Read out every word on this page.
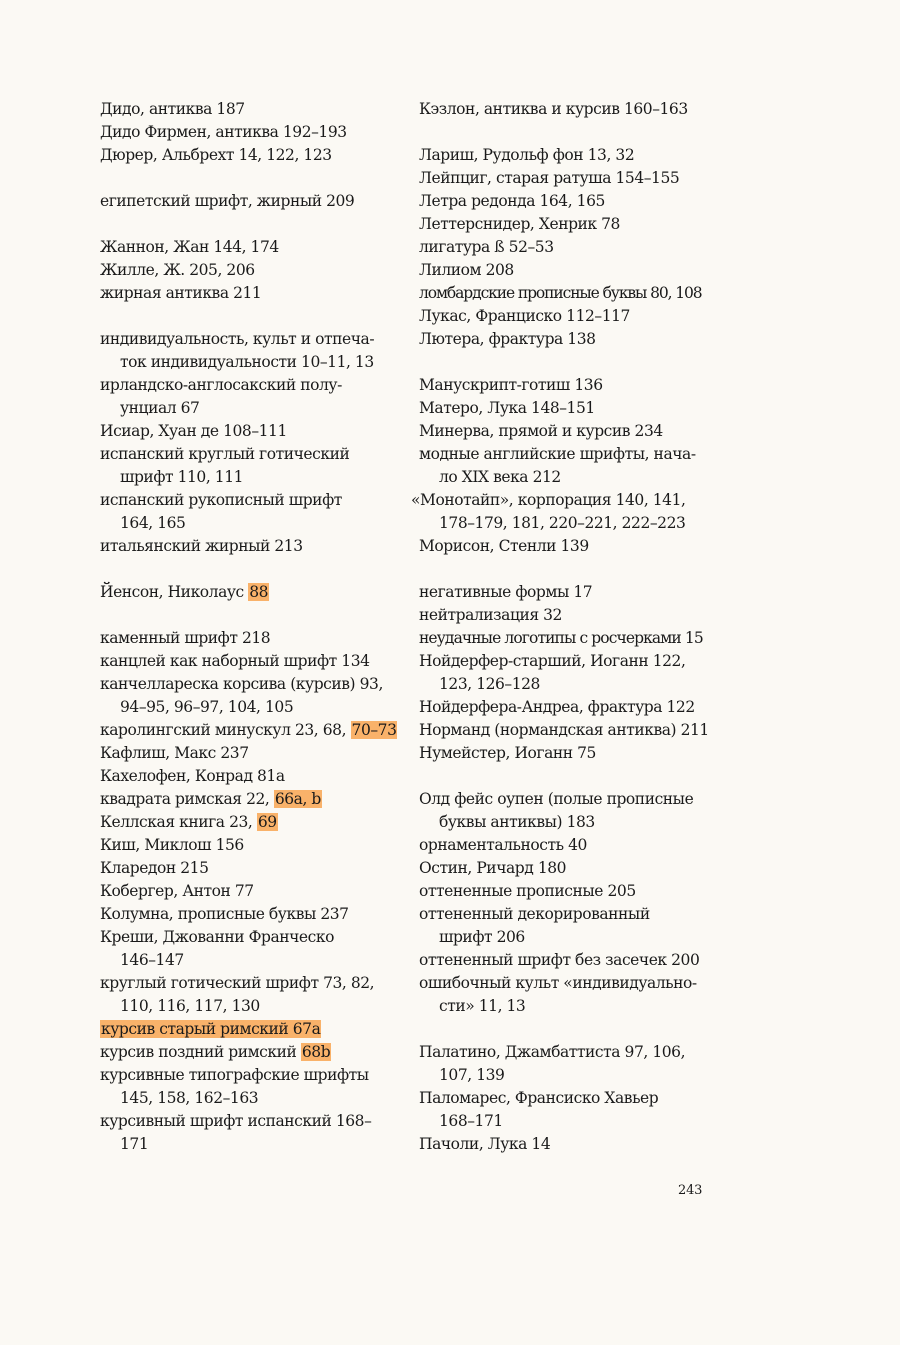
Дидо, антиква 187
Дидо Фирмен, антиква 192–193
Дюрер, Альбрехт 14, 122, 123
египетский шрифт, жирный 209
Жаннон, Жан 144, 174
Жилле, Ж. 205, 206
жирная антиква 211
индивидуальность, культ и отпеча-
ток индивидуальности 10–11, 13
ирландско-англосакский полу-
унциал 67
Исиар, Хуан де 108–111
испанский круглый готический
шрифт 110, 111
испанский рукописный шрифт
164, 165
итальянский жирный 213
Йенсон, Николаус 88
каменный шрифт 218
канцлей как наборный шрифт 134
канчеллареска корсива (курсив) 93,
94–95, 96–97, 104, 105
каролингский минускул 23, 68, 70–73
Кафлиш, Макс 237
Кахелофен, Конрад 81a
квадрата римская 22, 66a, b
Келлская книга 23, 69
Киш, Миклош 156
Кларедон 215
Кобергер, Антон 77
Колумна, прописные буквы 237
Креши, Джованни Франческо
146–147
круглый готический шрифт 73, 82,
110, 116, 117, 130
курсив старый римский 67a
курсив поздний римский 68b
курсивные типографские шрифты
145, 158, 162–163
курсивный шрифт испанский 168–
171
Кэзлон, антиква и курсив 160–163
Лариш, Рудольф фон 13, 32
Лейпциг, старая ратуша 154–155
Летра редонда 164, 165
Леттерснидер, Хенрик 78
лигатура ß 52–53
Лилиом 208
ломбардские прописные буквы 80, 108
Лукас, Франциско 112–117
Лютера, фрактура 138
Манускрипт-готиш 136
Матеро, Лука 148–151
Минерва, прямой и курсив 234
модные английские шрифты, нача-
ло XIX века 212
«Монотайп», корпорация 140, 141,
178–179, 181, 220–221, 222–223
Морисон, Стенли 139
негативные формы 17
нейтрализация 32
неудачные логотипы с росчерками 15
Нойдерфер-старший, Иоганн 122,
123, 126–128
Нойдерфера-Андреа, фрактура 122
Норманд (нормандская антиква) 211
Нумейстер, Иоганн 75
Олд фейс оупен (полые прописные
буквы антиквы) 183
орнаментальность 40
Остин, Ричард 180
оттененные прописные 205
оттененный декорированный
шрифт 206
оттененный шрифт без засечек 200
ошибочный культ «индивидуально-
сти» 11, 13
Палатино, Джамбаттиста 97, 106,
107, 139
Паломарес, Франсиско Хавьер
168–171
Пачоли, Лука 14
243
